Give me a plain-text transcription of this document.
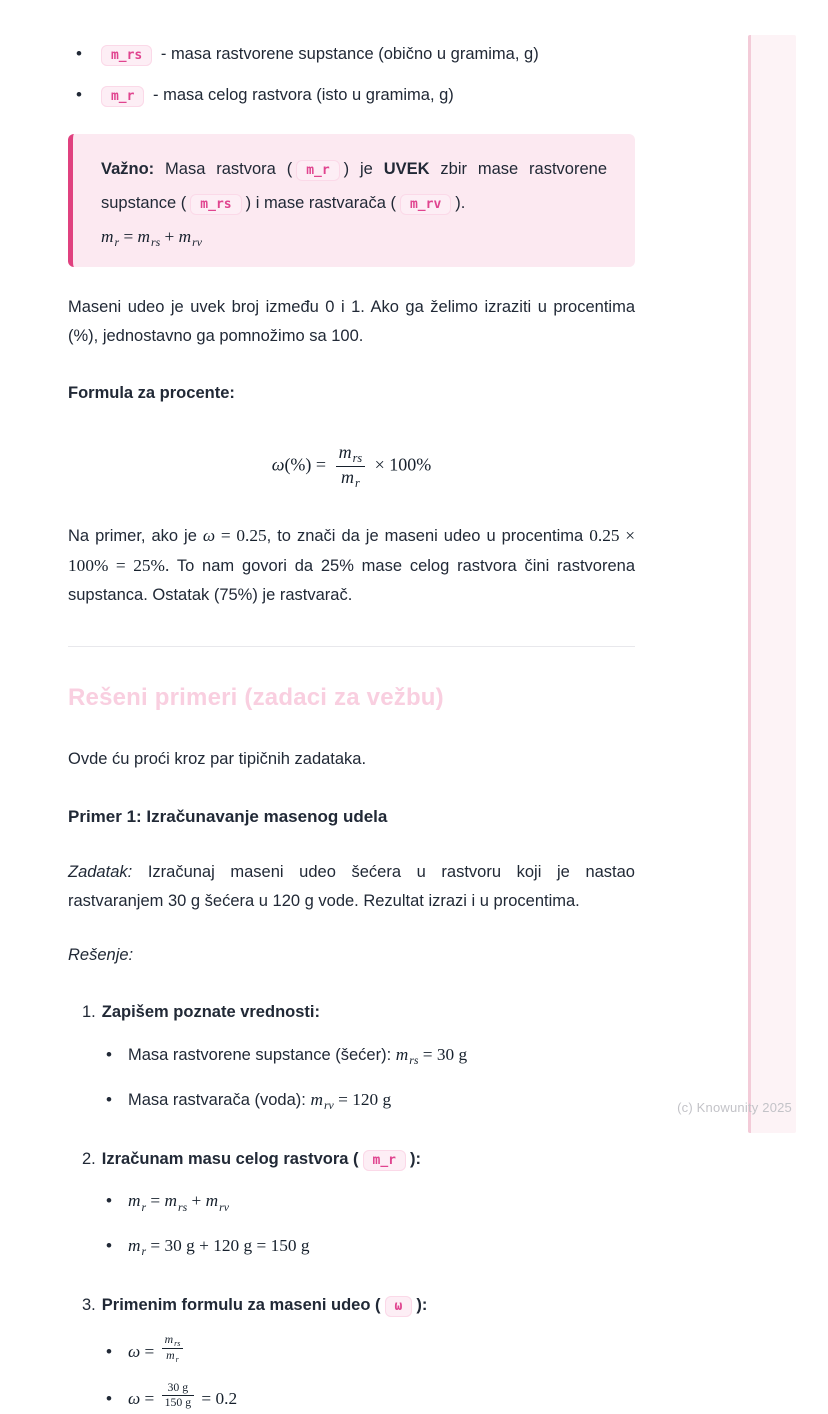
(c) Knowunity 2025
•m_rs - masa rastvorene supstance (obično u gramima, g)
•m_r - masa celog rastvora (isto u gramima, g)
Važno: Masa rastvora ( m_r ) je UVEK zbir mase rastvorene supstance ( m_rs ) i mase rastvarača ( m_rv ).
$m_r = m_{rs} + m_{rv}$

Maseni udeo je uvek broj između 0 i 1. Ako ga želimo izraziti u procentima (%), jednostavno ga pomnožimo sa 100.

Formula za procente:

$\omega(\%) = \frac{m_{rs}}{m_r} \times 100\%$

Na primer, ako je ω = 0.25, to znači da je maseni udeo u procentima 0.25 × 100% = 25%. To nam govori da 25% mase celog rastvora čini rastvorena supstanca. Ostatak (75%) je rastvarač.

Rešeni primeri (zadaci za vežbu)

Ovde ću proći kroz par tipičnih zadataka.

Primer 1: Izračunavanje masenog udela

Zadatak: Izračunaj maseni udeo šećera u rastvoru koji je nastao rastvaranjem 30 g šećera u 120 g vode. Rezultat izrazi i u procentima.

Rešenje:

1. Zapišem poznate vrednosti:
•Masa rastvorene supstance (šećer): $m_{rs} = 30$ g
•Masa rastvarača (voda): $m_{rv} = 120$ g
2. Izračunam masu celog rastvora ( m_r ):
$•m_r = m_{rs} + m_{rv}$
$•m_r = 30$ g + 120 g = 150 g
3. Primenim formulu za maseni udeo ( ω ):
•ω = $\frac{m_{rs}}{m_r}$
•ω = $\frac{30 g}{150 g} = 0.2$
